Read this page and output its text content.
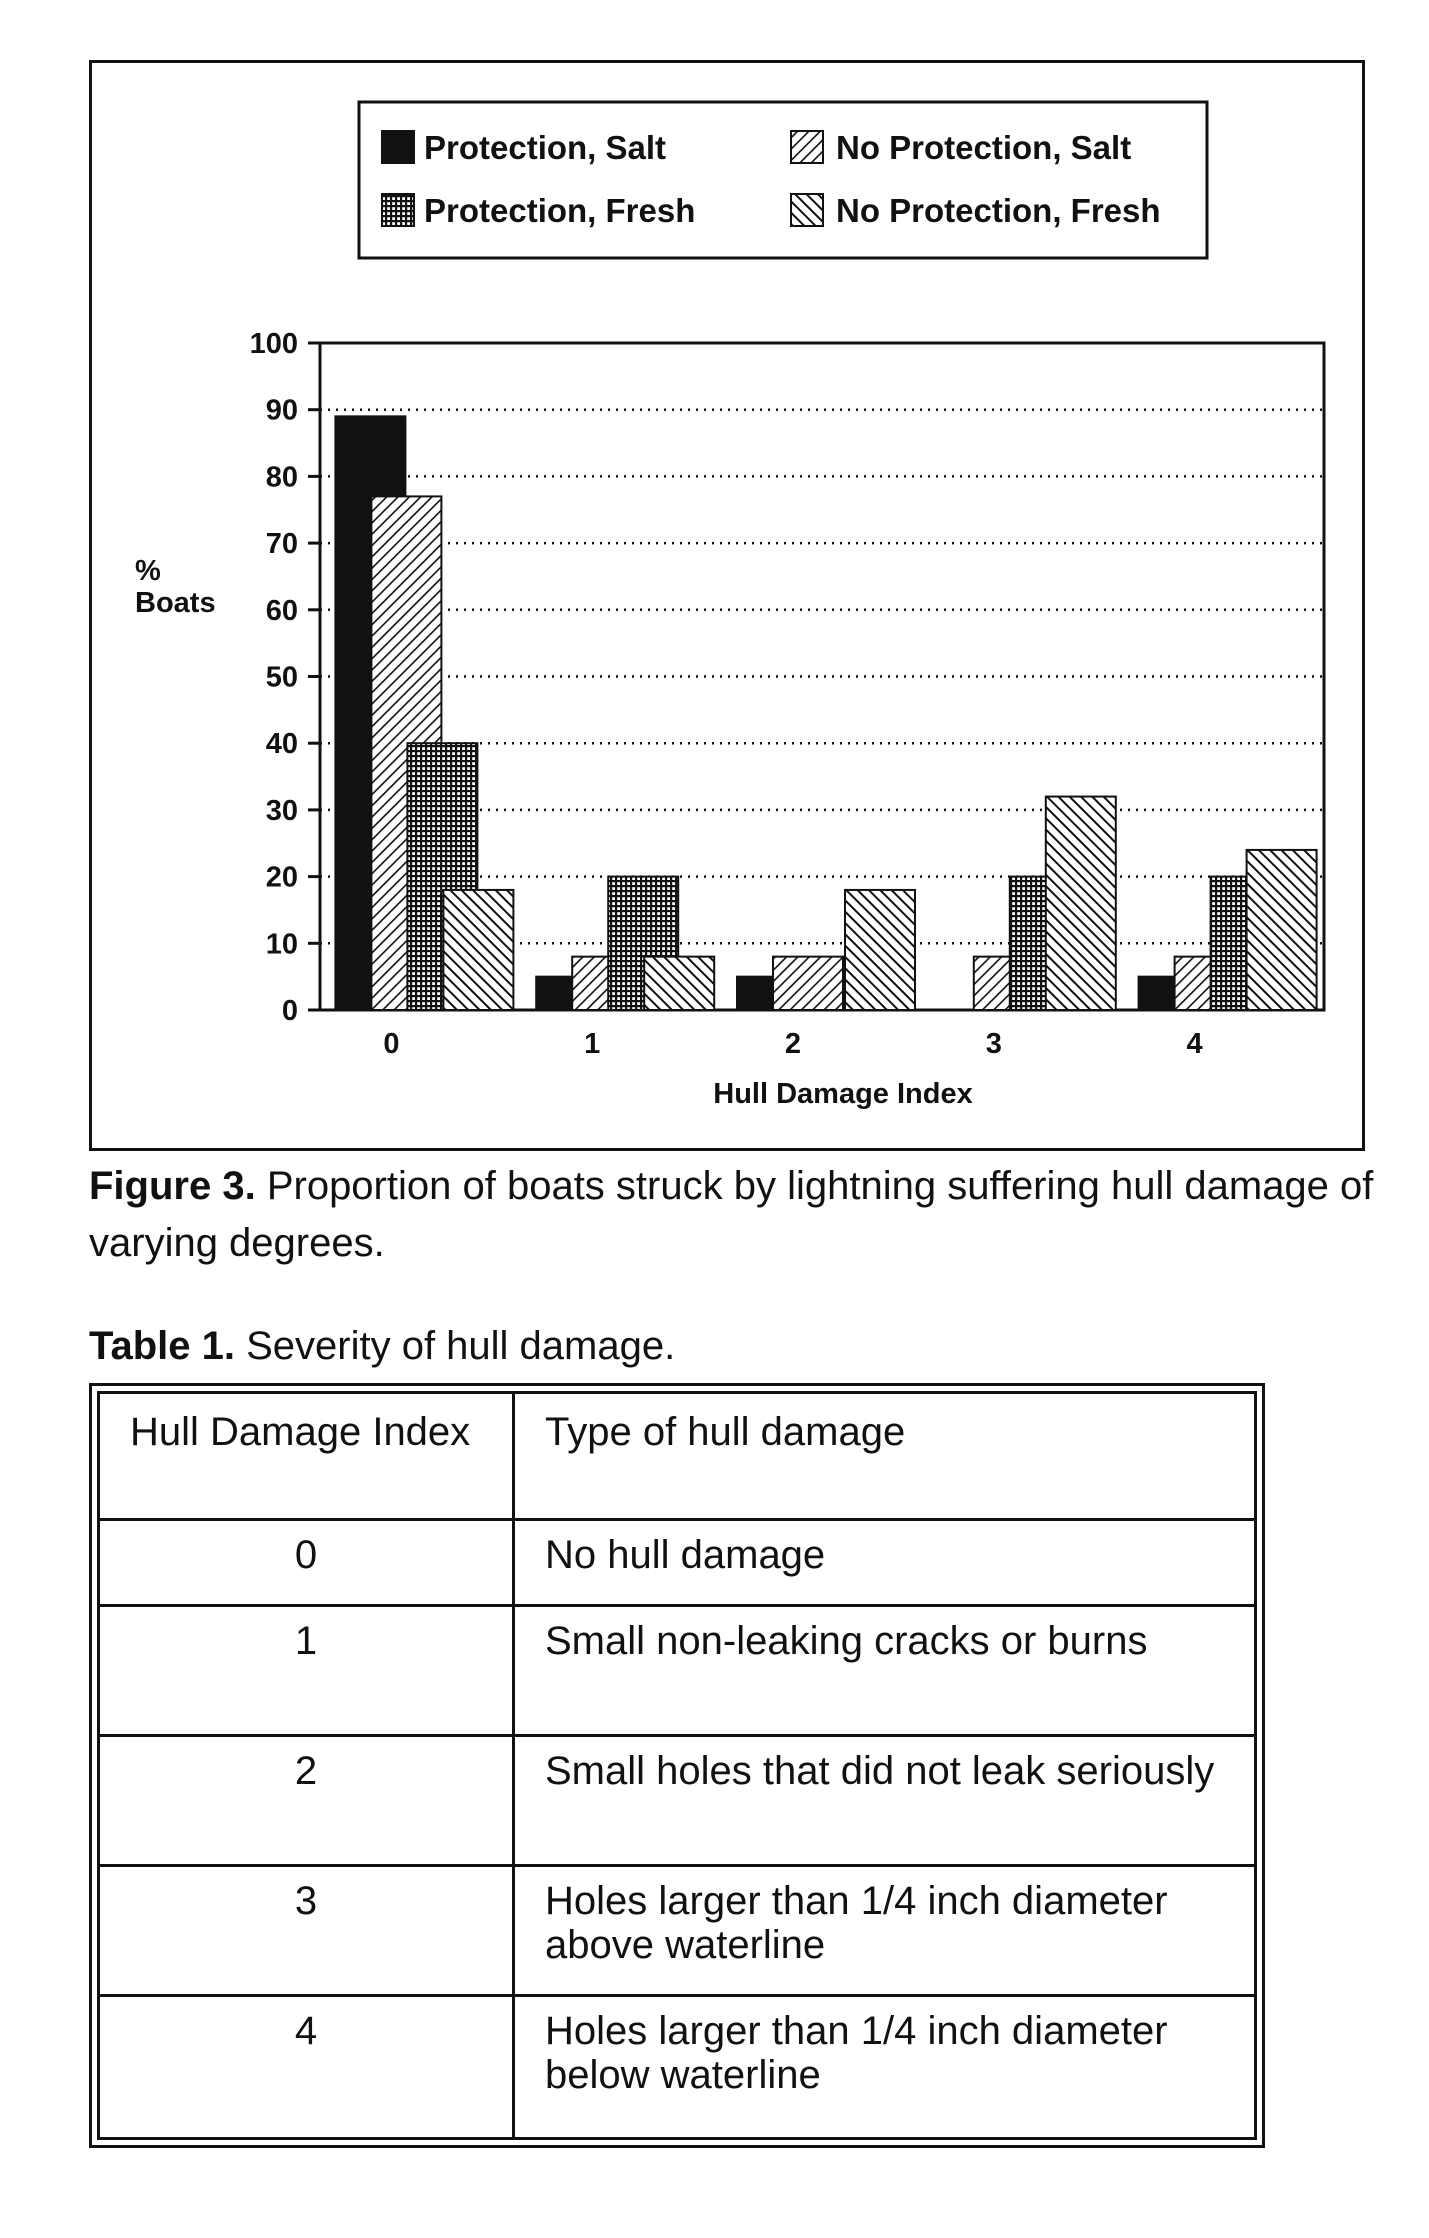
Protection, Salt	No Protection, Salt
Protection, Fresh	No Protection, Fresh
0
10
20
30
40
50
60
70
80
90
100
0	1	2	3	4
%
Boats
Hull Damage Index
Figure 3. Proportion of boats struck by lightning suffering hull damage of varying degrees.
Table 1. Severity of hull damage.
Hull Damage Index	Type of hull damage
0	No hull damage
1	Small non-leaking cracks or burns
2	Small holes that did not leak seriously
3	Holes larger than 1/4 inch diameter above waterline
4	Holes larger than 1/4 inch diameter below waterline
